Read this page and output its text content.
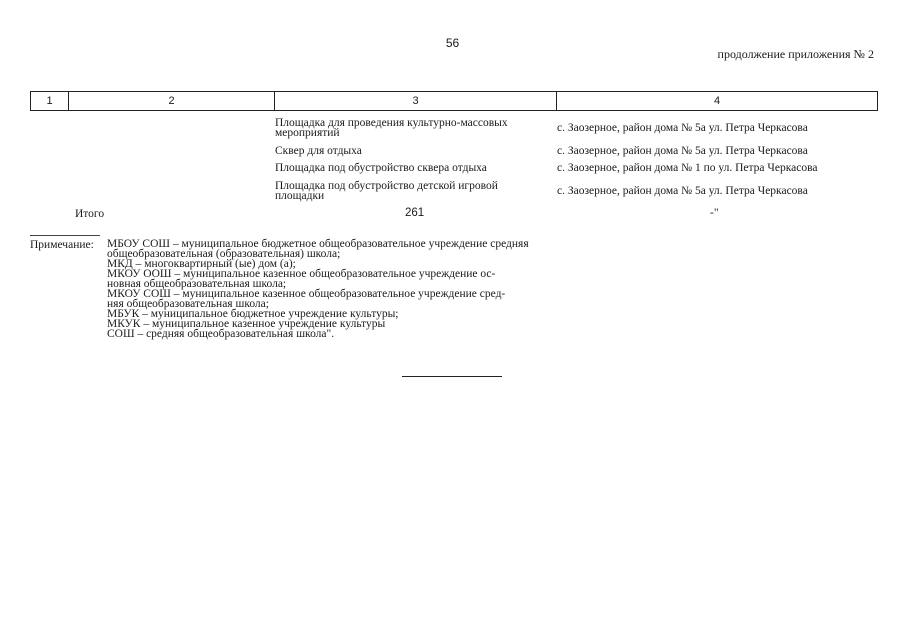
56
продолжение приложения № 2
1	2	3	4
Площадка для проведения культурно-массовых
мероприятий	с. Заозерное, район дома № 5а ул. Петра Черкасова
Сквер для отдыха	с. Заозерное, район дома № 5а ул. Петра Черкасова
Площадка под обустройство сквера отдыха	с. Заозерное, район дома № 1 по ул. Петра Черкасова
Площадка под обустройство детской игровой
площадки	с. Заозерное, район дома № 5а ул. Петра Черкасова
Итого	261	-"
Примечание: МБОУ СОШ – муниципальное бюджетное общеобразовательное учреждение средняя
общеобразовательная (образовательная) школа;
МКД – многоквартирный (ые) дом (а);
МКОУ ООШ – муниципальное казенное общеобразовательное учреждение ос-
новная общеобразовательная школа;
МКОУ СОШ – муниципальное казенное общеобразовательное учреждение сред-
няя общеобразовательная школа;
МБУК – муниципальное бюджетное учреждение культуры;
МКУК – муниципальное казенное учреждение культуры
СОШ – средняя общеобразовательная школа".
